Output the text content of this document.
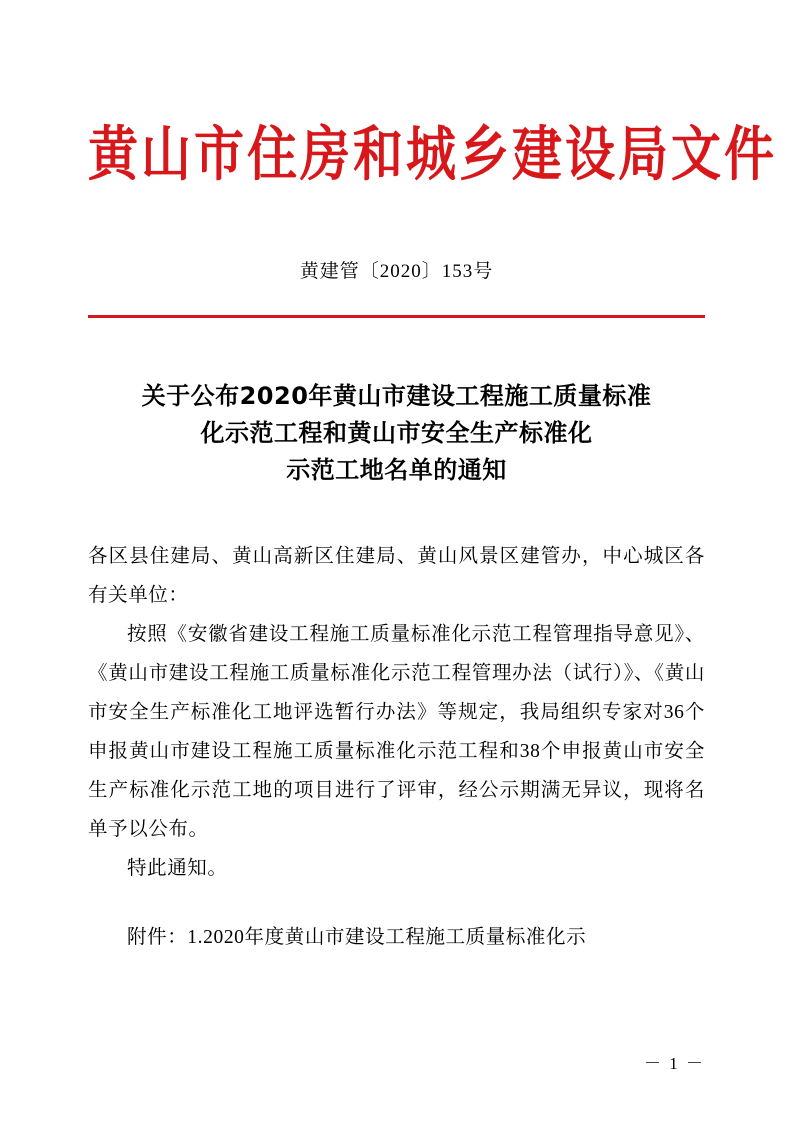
黄山市住房和城乡建设局文件
黄建管〔2020〕153号
关于公布2020年黄山市建设工程施工质量标准
化示范工程和黄山市安全生产标准化
示范工地名单的通知

各区县住建局、黄山高新区住建局、黄山风景区建管办，中心城区各有关单位：

按照《安徽省建设工程施工质量标准化示范工程管理指导意见》、《黄山市建设工程施工质量标准化示范工程管理办法（试行）》、《黄山市安全生产标准化工地评选暂行办法》等规定，我局组织专家对36个申报黄山市建设工程施工质量标准化示范工程和38个申报黄山市安全生产标准化示范工地的项目进行了评审，经公示期满无异议，现将名单予以公布。

特此通知。

附件：1.2020年度黄山市建设工程施工质量标准化示
－ 1 －
